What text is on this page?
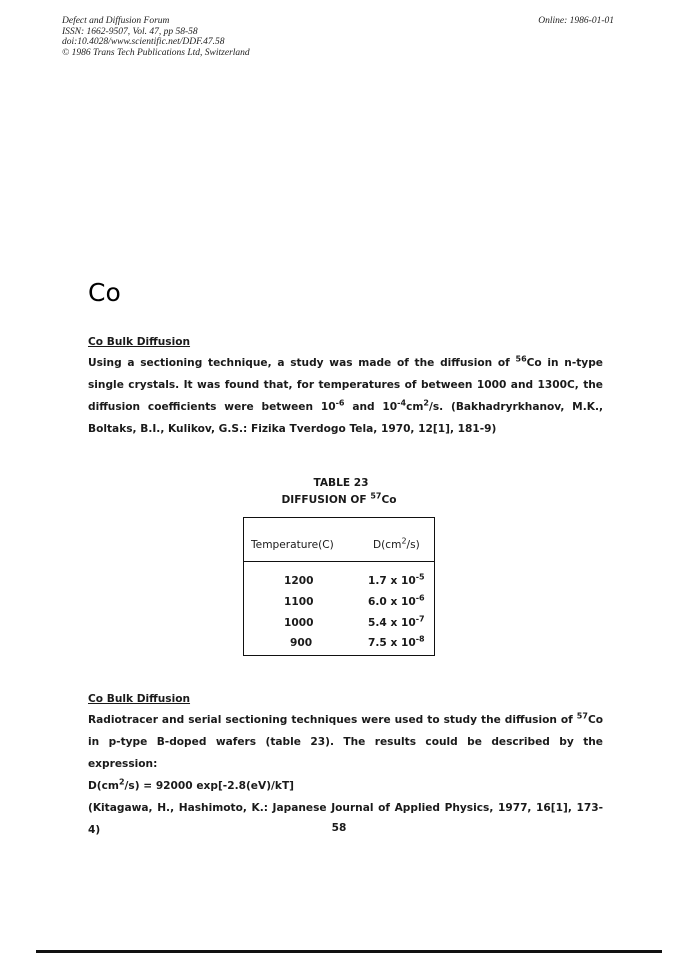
Defect and Diffusion Forum
ISSN: 1662-9507, Vol. 47, pp 58-58
doi:10.4028/www.scientific.net/DDF.47.58
© 1986 Trans Tech Publications Ltd, Switzerland
Online: 1986-01-01
Co
Co Bulk Diffusion

Using a sectioning technique, a study was made of the diffusion of $^{56}$Co in n-type single crystals. It was found that, for temperatures of between 1000 and 1300C, the diffusion coefficients were between $10^{-6}$ and $10^{-4}cm^2/s$. (Bakhadryrkhanov, M.K., Boltaks, B.I., Kulikov, G.S.: Fizika Tverdogo Tela, 1970, 12[1], 181-9)

TABLE 23
DIFFUSION OF $^{57}$Co
Temperature(C)	$D(cm^2/s)$
1200	1.7 x $10^{-5}$
1100	6.0 x $10^{-6}$
1000	5.4 x $10^{-7}$
900	7.5 x $10^{-8}$
Co Bulk Diffusion

Radiotracer and serial sectioning techniques were used to study the diffusion of $^{57}$Co in p-type B-doped wafers (table 23). The results could be described by the expression:

$D(cm^2/s) = 92000$ exp[-2.8(eV)/kT]

(Kitagawa, H., Hashimoto, K.: Japanese Journal of Applied Physics, 1977, 16[1], 173-4)	58
